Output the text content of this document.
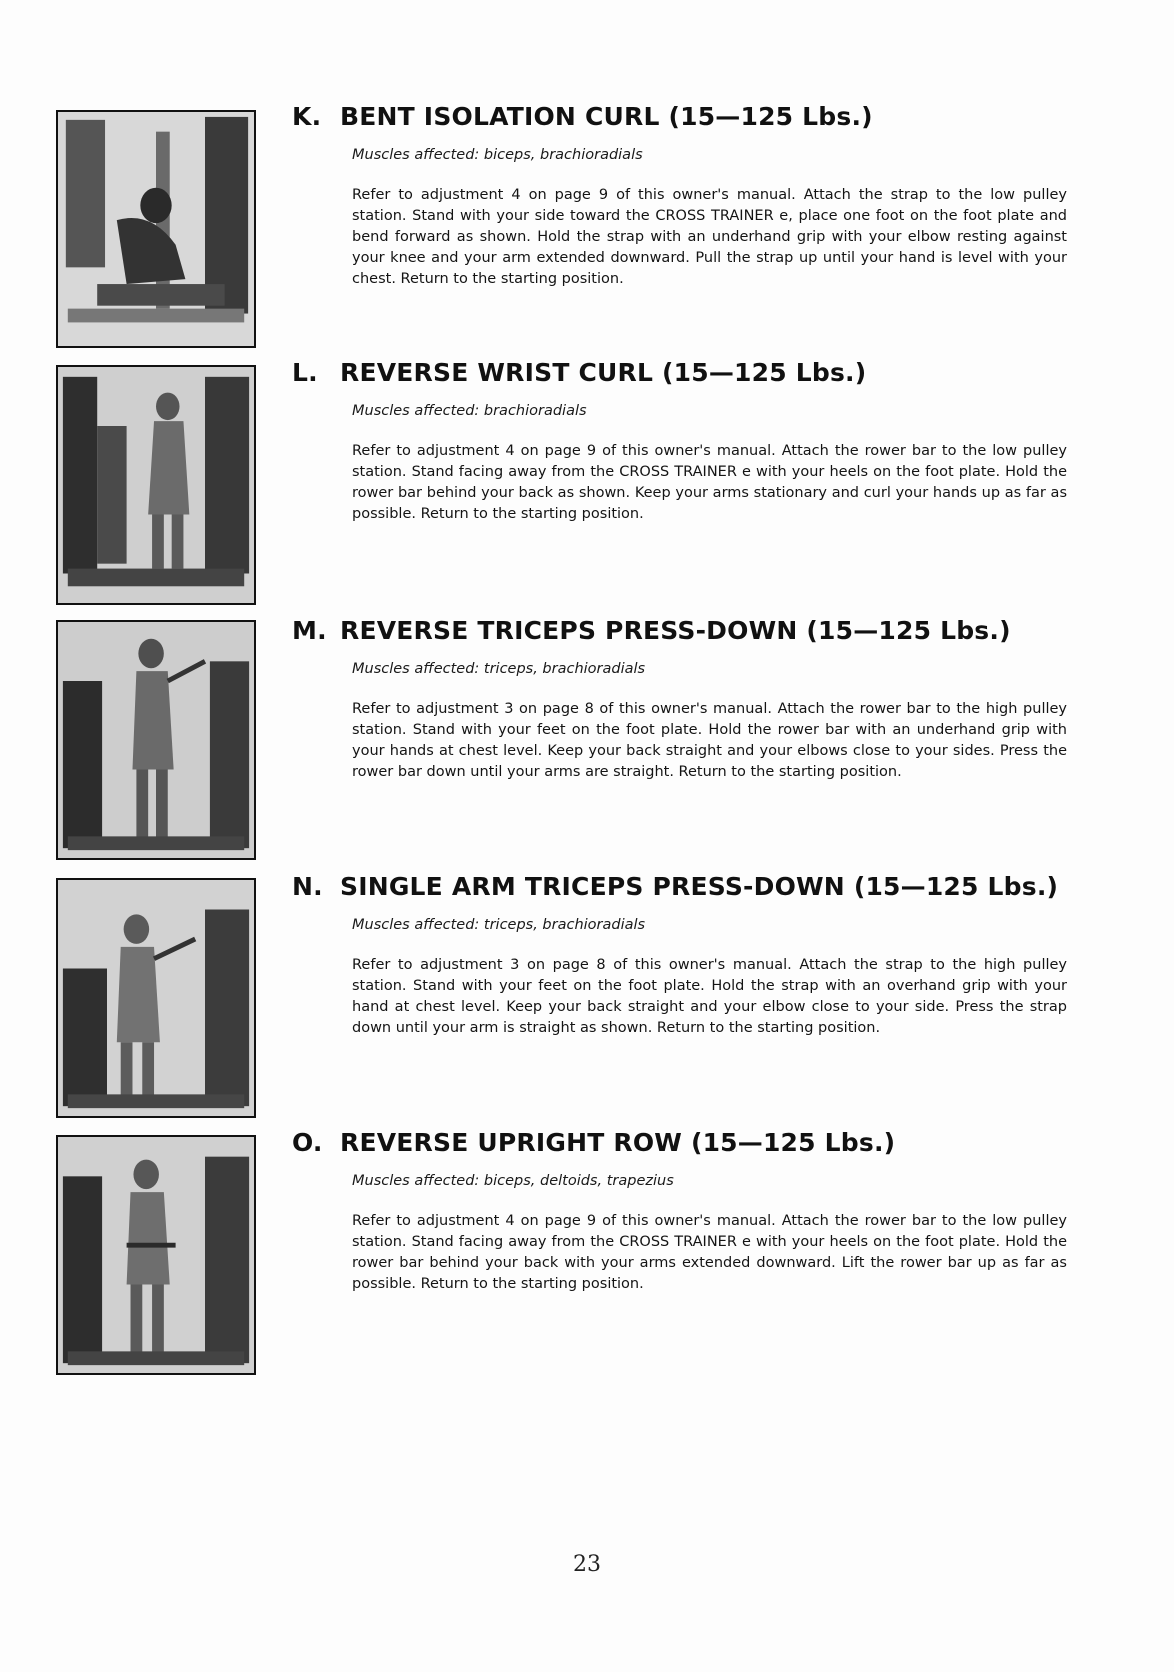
K. BENT ISOLATION CURL (15—125 Lbs.)
Muscles affected: biceps, brachioradials

Refer to adjustment 4 on page 9 of this owner's manual. Attach the strap to the low pulley station. Stand with your side toward the CROSS TRAINER e, place one foot on the foot plate and bend forward as shown. Hold the strap with an underhand grip with your elbow resting against your knee and your arm extended downward. Pull the strap up until your hand is level with your chest. Return to the starting position.

L. REVERSE WRIST CURL (15—125 Lbs.)
Muscles affected: brachioradials

Refer to adjustment 4 on page 9 of this owner's manual. Attach the rower bar to the low pulley station. Stand facing away from the CROSS TRAINER e with your heels on the foot plate. Hold the rower bar behind your back as shown. Keep your arms stationary and curl your hands up as far as possible. Return to the starting position.

M. REVERSE TRICEPS PRESS-DOWN (15—125 Lbs.)
Muscles affected: triceps, brachioradials

Refer to adjustment 3 on page 8 of this owner's manual. Attach the rower bar to the high pulley station. Stand with your feet on the foot plate. Hold the rower bar with an underhand grip with your hands at chest level. Keep your back straight and your elbows close to your sides. Press the rower bar down until your arms are straight. Return to the starting position.

N. SINGLE ARM TRICEPS PRESS-DOWN (15—125 Lbs.)
Muscles affected: triceps, brachioradials

Refer to adjustment 3 on page 8 of this owner's manual. Attach the strap to the high pulley station. Stand with your feet on the foot plate. Hold the strap with an overhand grip with your hand at chest level. Keep your back straight and your elbow close to your side. Press the strap down until your arm is straight as shown. Return to the starting position.

O. REVERSE UPRIGHT ROW (15—125 Lbs.)
Muscles affected: biceps, deltoids, trapezius

Refer to adjustment 4 on page 9 of this owner's manual. Attach the rower bar to the low pulley station. Stand facing away from the CROSS TRAINER e with your heels on the foot plate. Hold the rower bar behind your back with your arms extended downward. Lift the rower bar up as far as possible. Return to the starting position.

23
